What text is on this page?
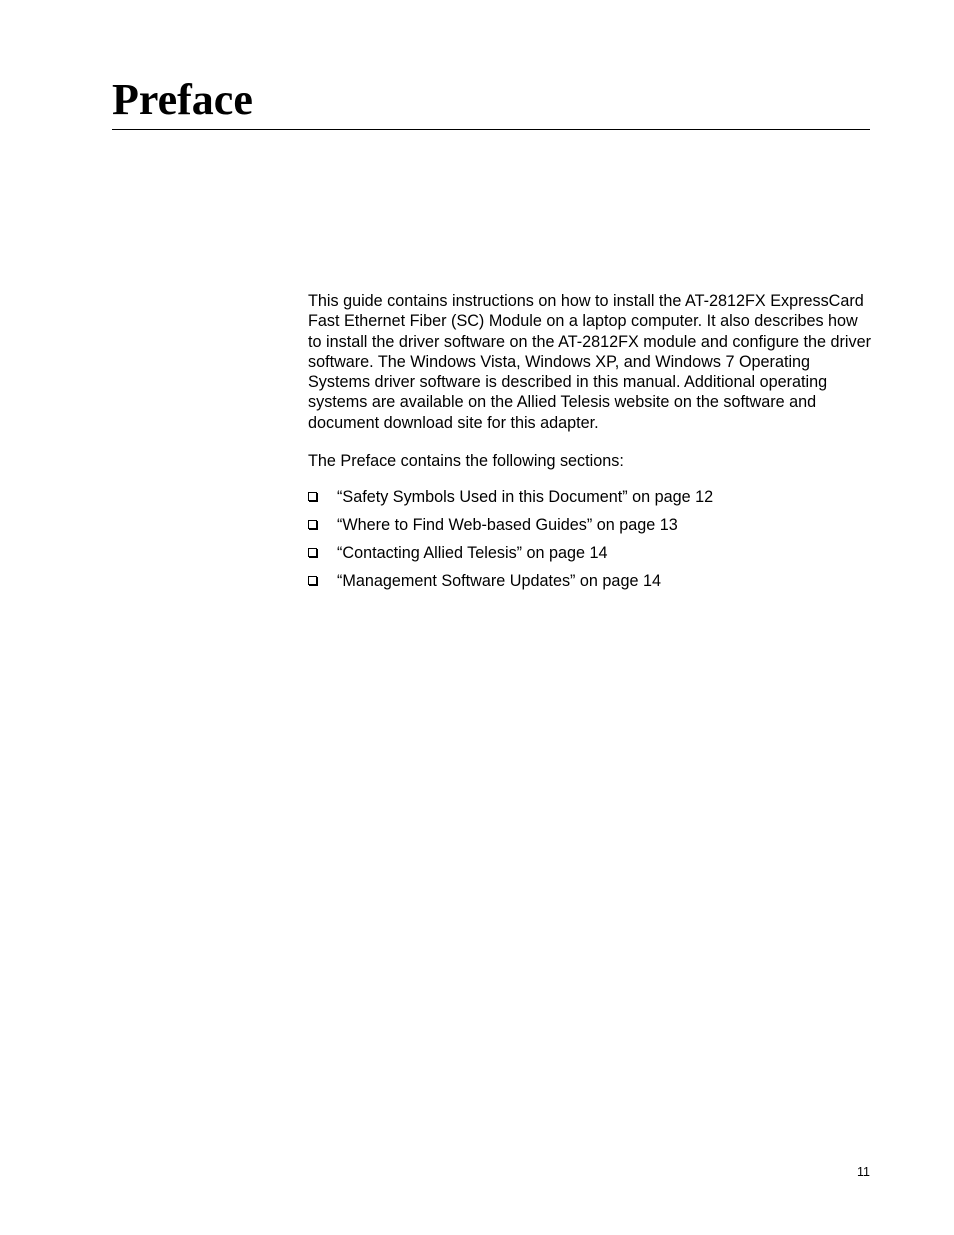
Preface

This guide contains instructions on how to install the AT-2812FX ExpressCard Fast Ethernet Fiber (SC) Module on a laptop computer. It also describes how to install the driver software on the AT-2812FX module and configure the driver software. The Windows Vista, Windows XP, and Windows 7 Operating Systems driver software is described in this manual. Additional operating systems are available on the Allied Telesis website on the software and document download site for this adapter.

The Preface contains the following sections:

“Safety Symbols Used in this Document” on page 12
“Where to Find Web-based Guides” on page 13
“Contacting Allied Telesis” on page 14
“Management Software Updates” on page 14
11
